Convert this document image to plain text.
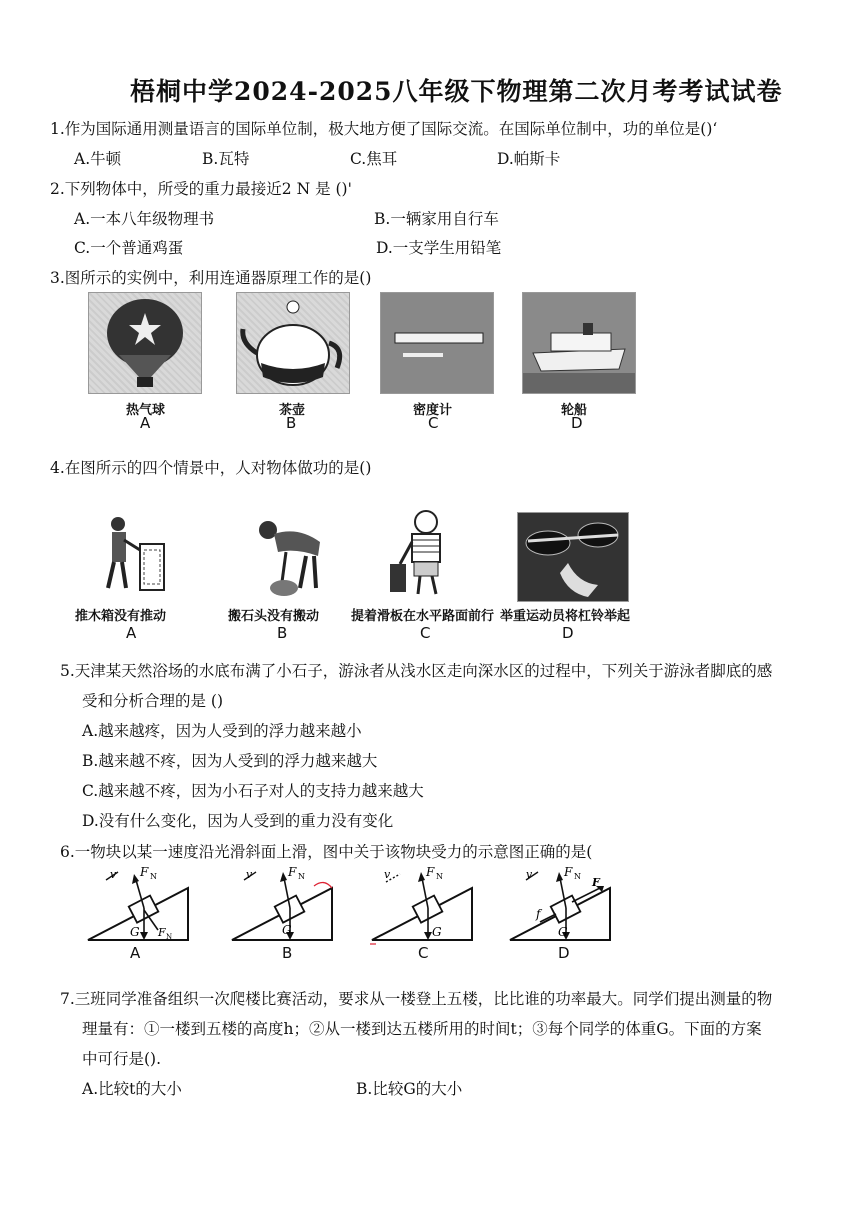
梧桐中学2024-2025八年级下物理第二次月考考试试卷
1.作为国际通用测量语言的国际单位制，极大地方便了国际交流。在国际单位制中，功的单位是()‘
A.牛顿	B.瓦特	C.焦耳	D.帕斯卡
2.下列物体中，所受的重力最接近2 N 是 ()'
A.一本八年级物理书	B.一辆家用自行车
C.一个普通鸡蛋	D.一支学生用铅笔
3.图所示的实例中，利用连通器原理工作的是()
热气球
A
茶壶
B
密度计
C
轮船
D
4.在图所示的四个情景中，人对物体做功的是()
推木箱没有推动
A
搬石头没有搬动
B
提着滑板在水平路面前行
C
举重运动员将杠铃举起
D
5.天津某天然浴场的水底布满了小石子，游泳者从浅水区走向深水区的过程中，下列关于游泳者脚底的感
受和分析合理的是 ()
A.越来越疼，因为人受到的浮力越来越小
B.越来越不疼，因为人受到的浮力越来越大
C.越来越不疼，因为小石子对人的支持力越来越大
D.没有什么变化，因为人受到的重力没有变化
6.一物块以某一速度沿光滑斜面上滑，图中关于该物块受力的示意图正确的是(
v F N
G F N
A
v	F N
G
B
v	F N
G
C
v	F N
G
f
F
D
7.三班同学准备组织一次爬楼比赛活动，要求从一楼登上五楼，比比谁的功率最大。同学们提出测量的物
理量有：①一楼到五楼的高度h；②从一楼到达五楼所用的时间t；③每个同学的体重G。下面的方案
中可行是().
A.比较t的大小	B.比较G的大小
